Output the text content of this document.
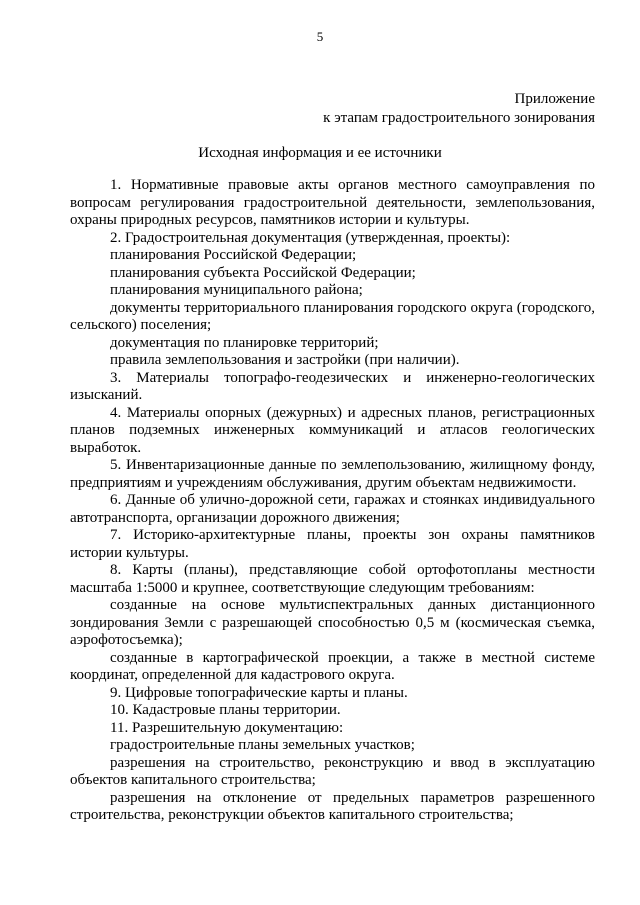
5
Приложение
к этапам градостроительного зонирования
Исходная информация и ее источники

1. Нормативные правовые акты органов местного самоуправления по вопросам регулирования градостроительной деятельности, землепользования, охраны природных ресурсов, памятников истории и культуры.

2. Градостроительная документация (утвержденная, проекты):

планирования Российской Федерации;

планирования субъекта Российской Федерации;

планирования муниципального района;

документы территориального планирования городского округа (городского, сельского) поселения;

документация по планировке территорий;

правила землепользования и застройки (при наличии).

3. Материалы топографо-геодезических и инженерно-геологических изысканий.

4. Материалы опорных (дежурных) и адресных планов, регистрационных планов подземных инженерных коммуникаций и атласов геологических выработок.

5. Инвентаризационные данные по землепользованию, жилищному фонду, предприятиям и учреждениям обслуживания, другим объектам недвижимости.

6. Данные об улично-дорожной сети, гаражах и стоянках индивидуального автотранспорта, организации дорожного движения;

7. Историко-архитектурные планы, проекты зон охраны памятников истории культуры.

8. Карты (планы), представляющие собой ортофотопланы местности масштаба 1:5000 и крупнее, соответствующие следующим требованиям:

созданные на основе мультиспектральных данных дистанционного зондирования Земли с разрешающей способностью 0,5 м (космическая съемка, аэрофотосъемка);

созданные в картографической проекции, а также в местной системе координат, определенной для кадастрового округа.

9. Цифровые топографические карты и планы.

10. Кадастровые планы территории.

11. Разрешительную документацию:

градостроительные планы земельных участков;

разрешения на строительство, реконструкцию и ввод в эксплуатацию объектов капитального строительства;

разрешения на отклонение от предельных параметров разрешенного строительства, реконструкции объектов капитального строительства;
